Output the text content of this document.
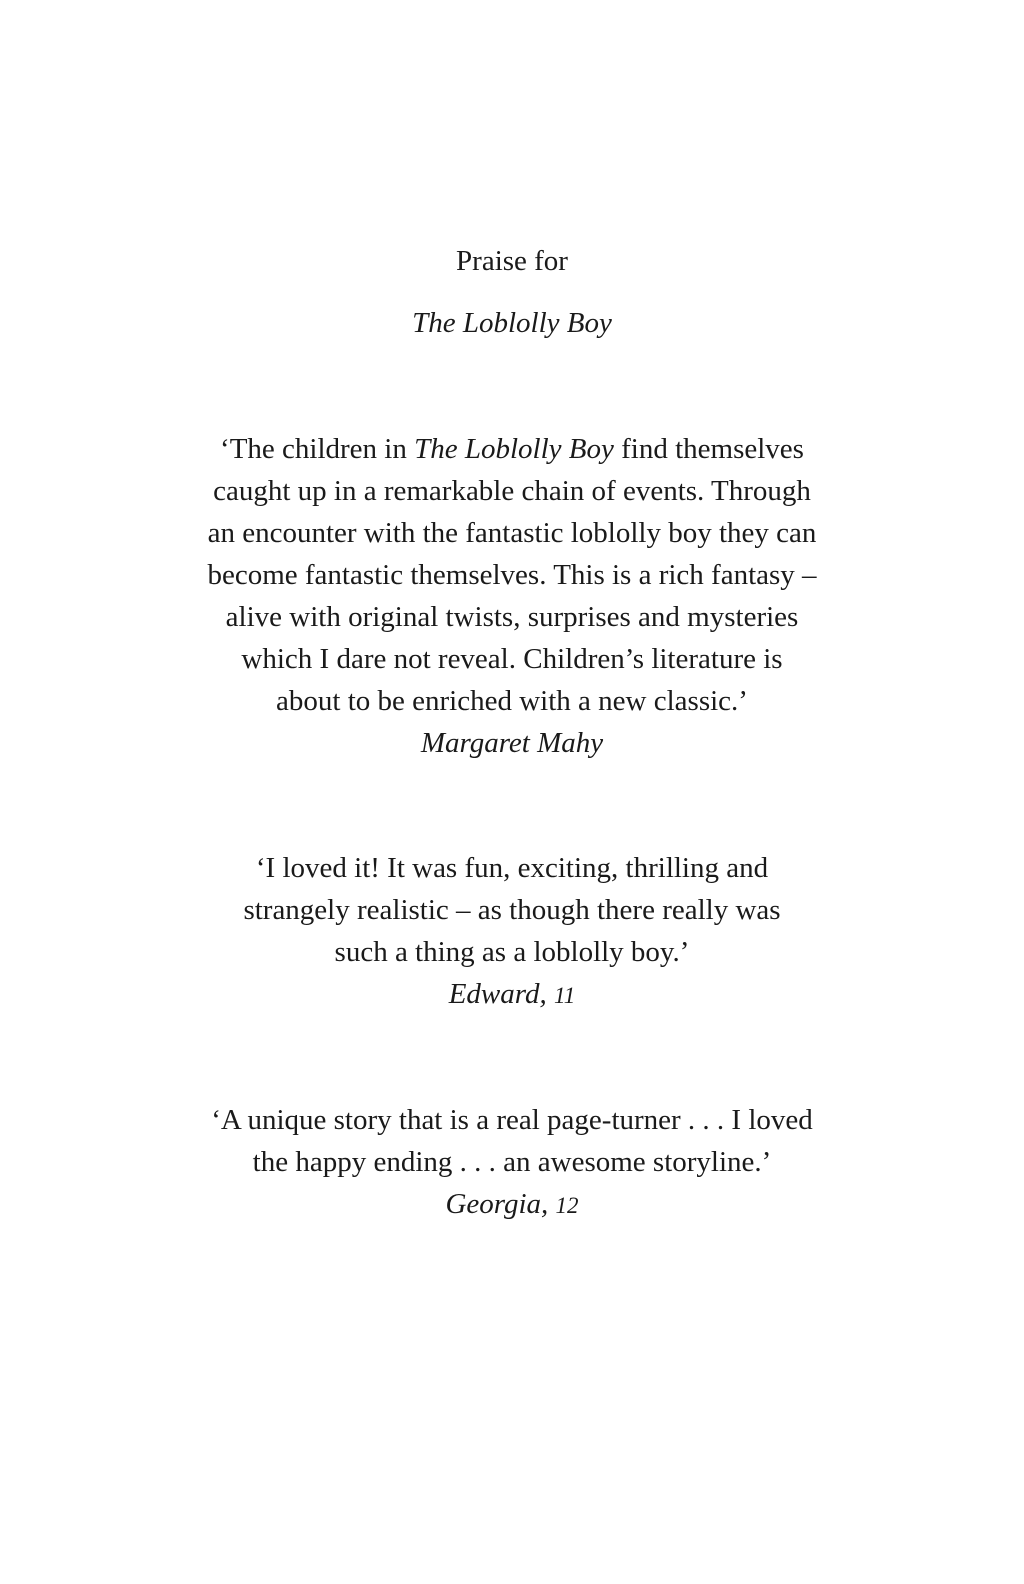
Praise for
The Loblolly Boy
‘The children in The Loblolly Boy find themselves
caught up in a remarkable chain of events. Through
an encounter with the fantastic loblolly boy they can
become fantastic themselves. This is a rich fantasy –
alive with original twists, surprises and mysteries
which I dare not reveal. Children’s literature is
about to be enriched with a new classic.’
Margaret Mahy
‘I loved it! It was fun, exciting, thrilling and
strangely realistic – as though there really was
such a thing as a loblolly boy.’
Edward, 11
‘A unique story that is a real page-turner . . . I loved
the happy ending . . . an awesome storyline.’
Georgia, 12
